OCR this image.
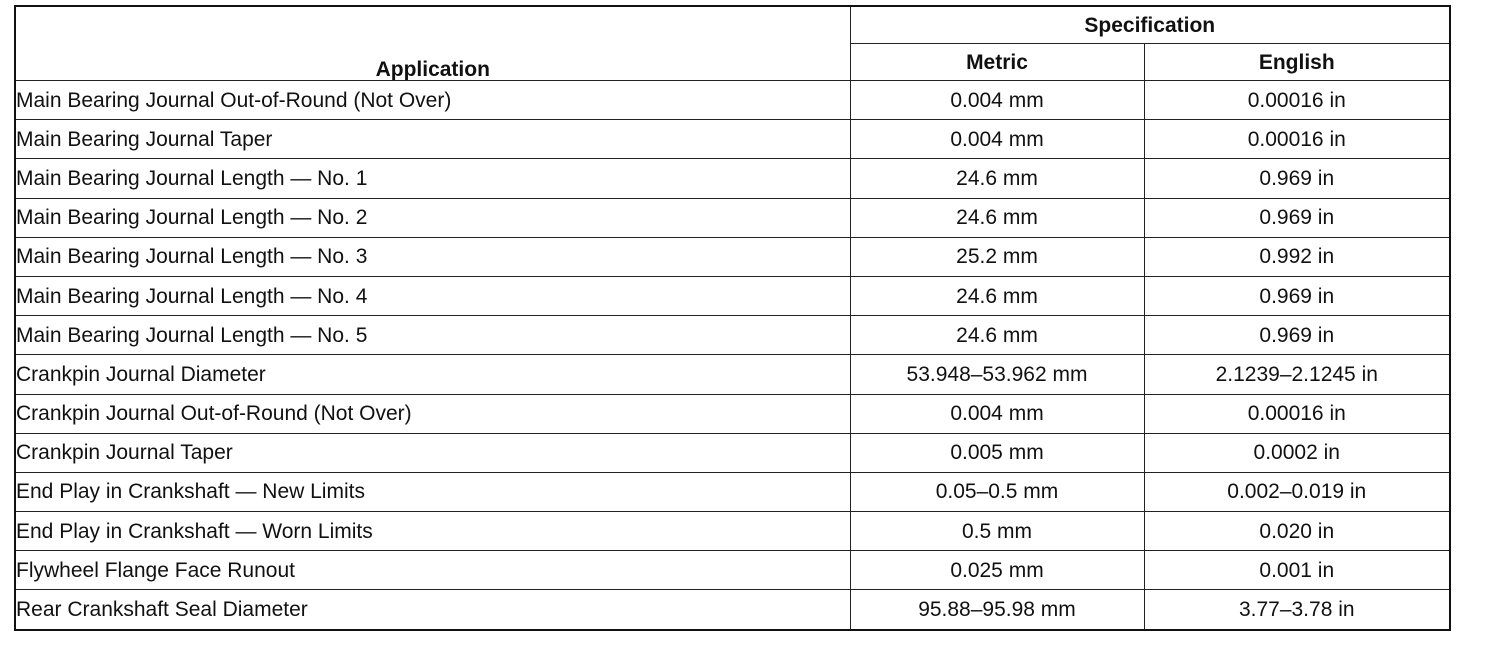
Application	Specification	
	Metric	English
Main Bearing Journal Out-of-Round (Not Over)	0.004 mm	0.00016 in
Main Bearing Journal Taper	0.004 mm	0.00016 in
Main Bearing Journal Length — No. 1	24.6 mm	0.969 in
Main Bearing Journal Length — No. 2	24.6 mm	0.969 in
Main Bearing Journal Length — No. 3	25.2 mm	0.992 in
Main Bearing Journal Length — No. 4	24.6 mm	0.969 in
Main Bearing Journal Length — No. 5	24.6 mm	0.969 in
Crankpin Journal Diameter	53.948–53.962 mm	2.1239–2.1245 in
Crankpin Journal Out-of-Round (Not Over)	0.004 mm	0.00016 in
Crankpin Journal Taper	0.005 mm	0.0002 in
End Play in Crankshaft — New Limits	0.05–0.5 mm	0.002–0.019 in
End Play in Crankshaft — Worn Limits	0.5 mm	0.020 in
Flywheel Flange Face Runout	0.025 mm	0.001 in
Rear Crankshaft Seal Diameter	95.88–95.98 mm	3.77–3.78 in
